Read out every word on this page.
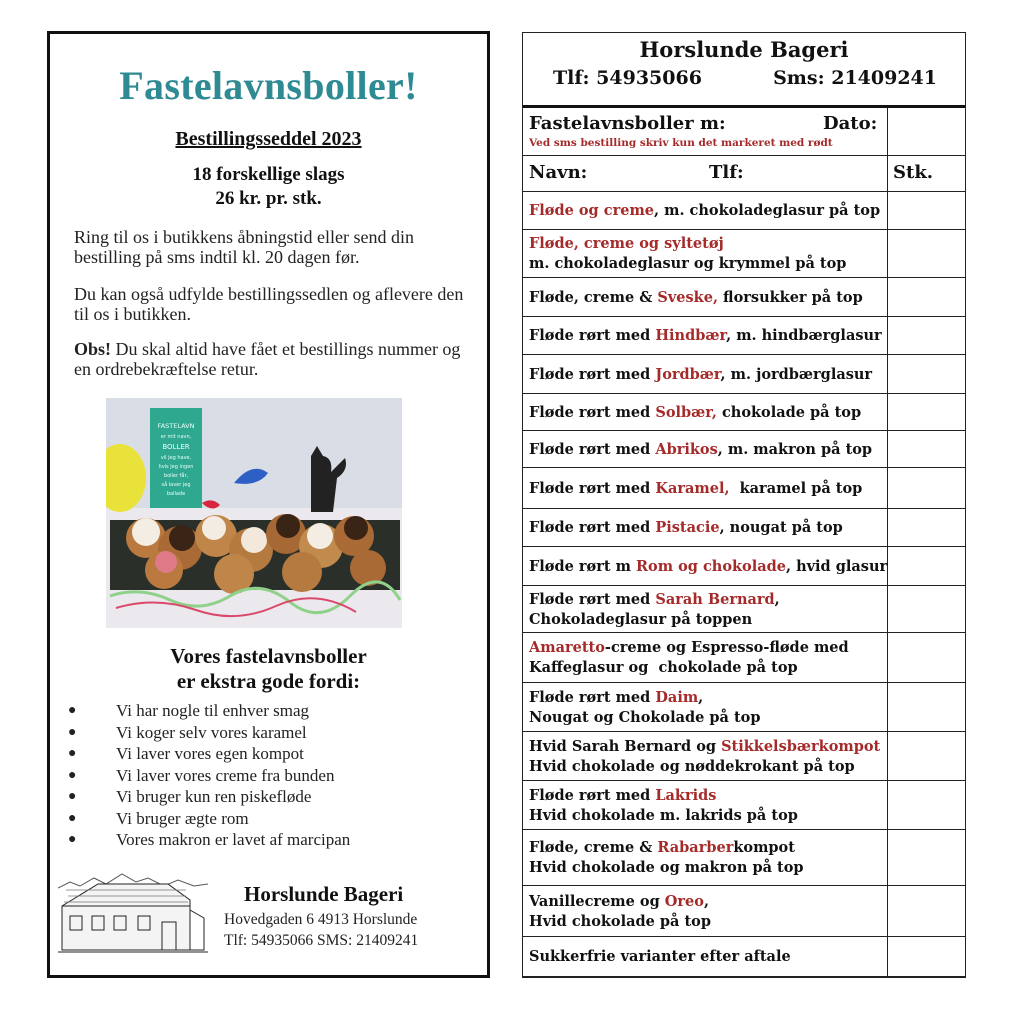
Fastelavnsboller!
Bestillingsseddel 2023
18 forskellige slags
26 kr. pr. stk.
Ring til os i butikkens åbningstid eller send din bestilling på sms indtil kl. 20 dagen før.
Du kan også udfylde bestillingssedlen og aflevere den til os i butikken.
Obs! Du skal altid have fået et bestillings nummer og en ordrebekræftelse retur.
FASTELAVN
er mit navn,
BOLLER
vil jeg have,
hvis jeg ingen
boller får,
så laver jeg
ballade
Vores fastelavnsboller
er ekstra gode fordi:
● Vi har nogle til enhver smag
● Vi koger selv vores karamel
● Vi laver vores egen kompot
● Vi laver vores creme fra bunden
● Vi bruger kun ren piskefløde
● Vi bruger ægte rom
● Vores makron er lavet af marcipan
Horslunde Bageri
Hovedgaden 6 4913 Horslunde
Tlf: 54935066 SMS: 21409241
Horslunde Bageri
Tlf: 54935066	Sms: 21409241
Fastelavnsboller m:	Dato:
Ved sms bestilling skriv kun det markeret med rødt
Navn:	Tlf:	Stk.
Fløde og creme, m. chokoladeglasur på top
Fløde, creme og syltetøj
m. chokoladeglasur og krymmel på top
Fløde, creme & Sveske, florsukker på top
Fløde rørt med Hindbær, m. hindbærglasur
Fløde rørt med Jordbær, m. jordbærglasur
Fløde rørt med Solbær, chokolade på top
Fløde rørt med Abrikos, m. makron på top
Fløde rørt med Karamel,  karamel på top
Fløde rørt med Pistacie, nougat på top
Fløde rørt m Rom og chokolade, hvid glasur
Fløde rørt med Sarah Bernard,
Chokoladeglasur på toppen
Amaretto-creme og Espresso-fløde med
Kaffeglasur og  chokolade på top
Fløde rørt med Daim,
Nougat og Chokolade på top
Hvid Sarah Bernard og Stikkelsbærkompot
Hvid chokolade og nøddekrokant på top
Fløde rørt med Lakrids
Hvid chokolade m. lakrids på top
Fløde, creme & Rabarberkompot
Hvid chokolade og makron på top
Vanillecreme og Oreo,
Hvid chokolade på top
Sukkerfrie varianter efter aftale
